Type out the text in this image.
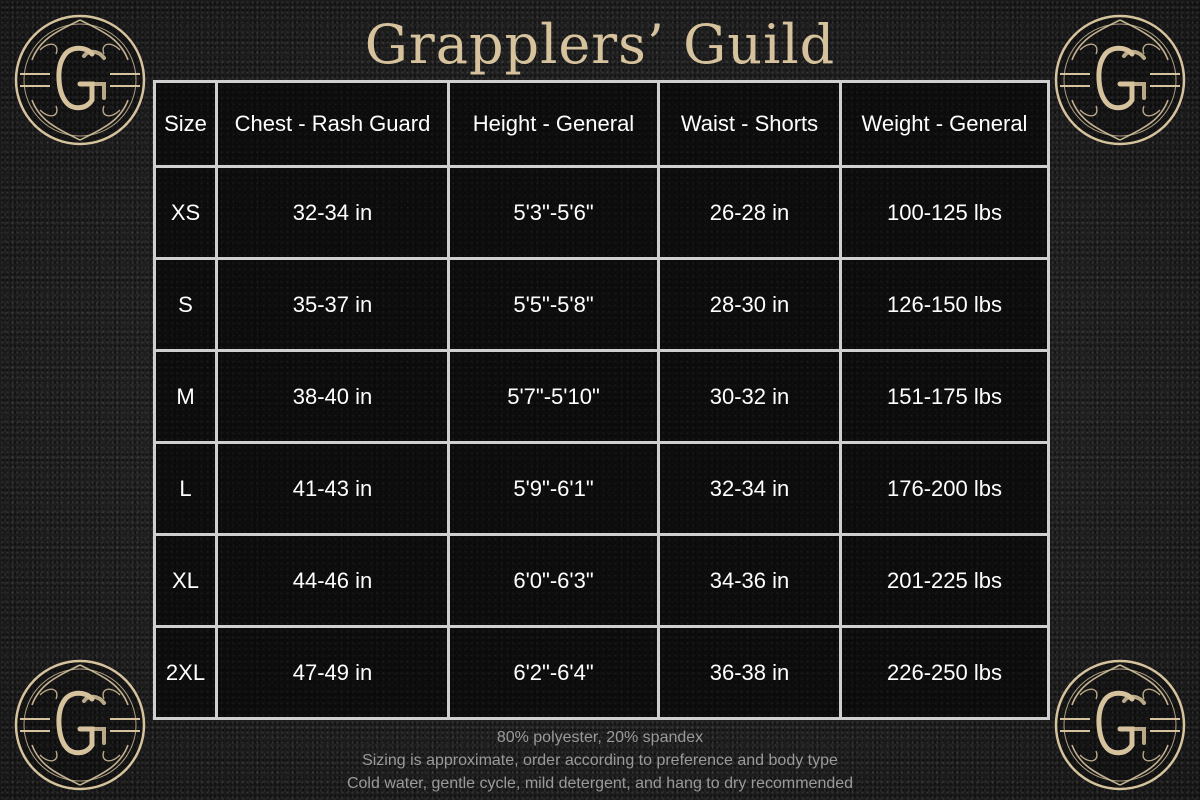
Grapplers’ Guild
Size	Chest - Rash Guard	Height - General	Waist - Shorts	Weight - General
XS	32-34 in	5'3"-5'6"	26-28 in	100-125 lbs
S	35-37 in	5'5"-5'8"	28-30 in	126-150 lbs
M	38-40 in	5'7"-5'10"	30-32 in	151-175 lbs
L	41-43 in	5'9"-6'1"	32-34 in	176-200 lbs
XL	44-46 in	6'0"-6'3"	34-36 in	201-225 lbs
2XL	47-49 in	6'2"-6'4"	36-38 in	226-250 lbs
80% polyester, 20% spandex
Sizing is approximate, order according to preference and body type
Cold water, gentle cycle, mild detergent, and hang to dry recommended
